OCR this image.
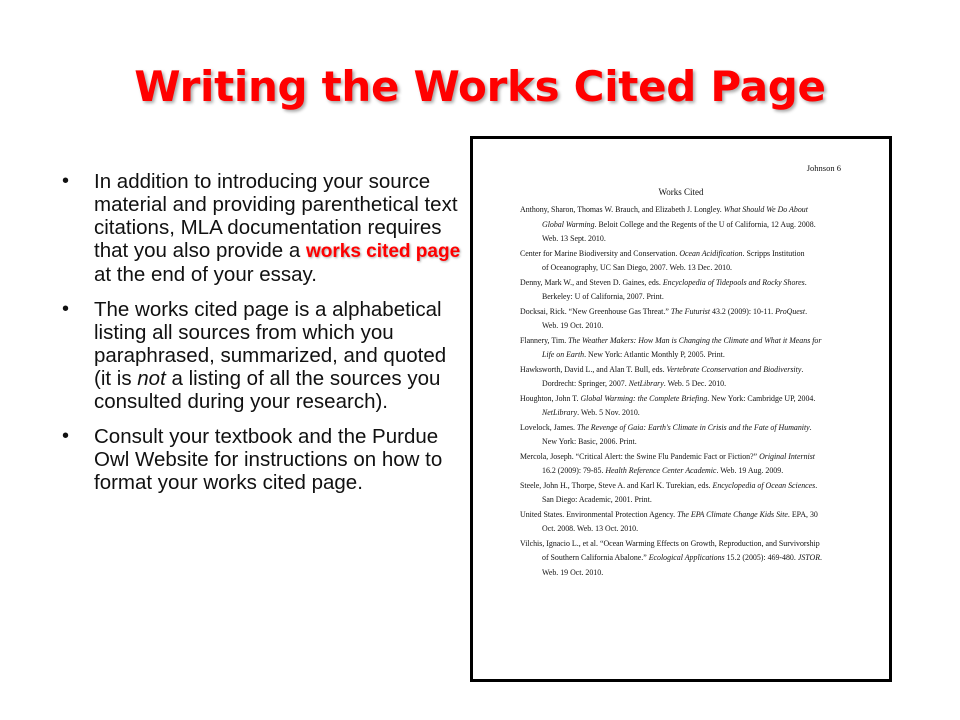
Writing the Works Cited Page
• In addition to introducing your source material and providing parenthetical text citations, MLA documentation requires that you also provide a works cited page at the end of your essay.
• The works cited page is a alphabetical listing all sources from which you paraphrased, summarized, and quoted (it is not a listing of all the sources you consulted during your research).
• Consult your textbook and the Purdue Owl Website for instructions on how to format your works cited page.
Johnson 6
Works Cited
Anthony, Sharon, Thomas W. Brauch, and Elizabeth J. Longley. What Should We Do About
Global Warming. Beloit College and the Regents of the U of California, 12 Aug. 2008.
Web. 13 Sept. 2010.
Center for Marine Biodiversity and Conservation. Ocean Acidification. Scripps Institution
of Oceanography, UC San Diego, 2007. Web. 13 Dec. 2010.
Denny, Mark W., and Steven D. Gaines, eds. Encyclopedia of Tidepools and Rocky Shores.
Berkeley: U of California, 2007. Print.
Docksai, Rick. “New Greenhouse Gas Threat.” The Futurist 43.2 (2009): 10-11. ProQuest.
Web. 19 Oct. 2010.
Flannery, Tim. The Weather Makers: How Man is Changing the Climate and What it Means for
Life on Earth. New York: Atlantic Monthly P, 2005. Print.
Hawksworth, David L., and Alan T. Bull, eds. Vertebrate Cconservation and Biodiversity.
Dordrecht: Springer, 2007. NetLibrary. Web. 5 Dec. 2010.
Houghton, John T. Global Warming: the Complete Briefing. New York: Cambridge UP, 2004.
NetLibrary. Web. 5 Nov. 2010.
Lovelock, James. The Revenge of Gaia: Earth's Climate in Crisis and the Fate of Humanity.
New York: Basic, 2006. Print.
Mercola, Joseph. “Critical Alert: the Swine Flu Pandemic Fact or Fiction?” Original Internist
16.2 (2009): 79-85. Health Reference Center Academic. Web. 19 Aug. 2009.
Steele, John H., Thorpe, Steve A. and Karl K. Turekian, eds. Encyclopedia of Ocean Sciences.
San Diego: Academic, 2001. Print.
United States. Environmental Protection Agency. The EPA Climate Change Kids Site. EPA, 30
Oct. 2008. Web. 13 Oct. 2010.
Vilchis, Ignacio L., et al. “Ocean Warming Effects on Growth, Reproduction, and Survivorship
of Southern California Abalone.” Ecological Applications 15.2 (2005): 469-480. JSTOR.
Web. 19 Oct. 2010.
